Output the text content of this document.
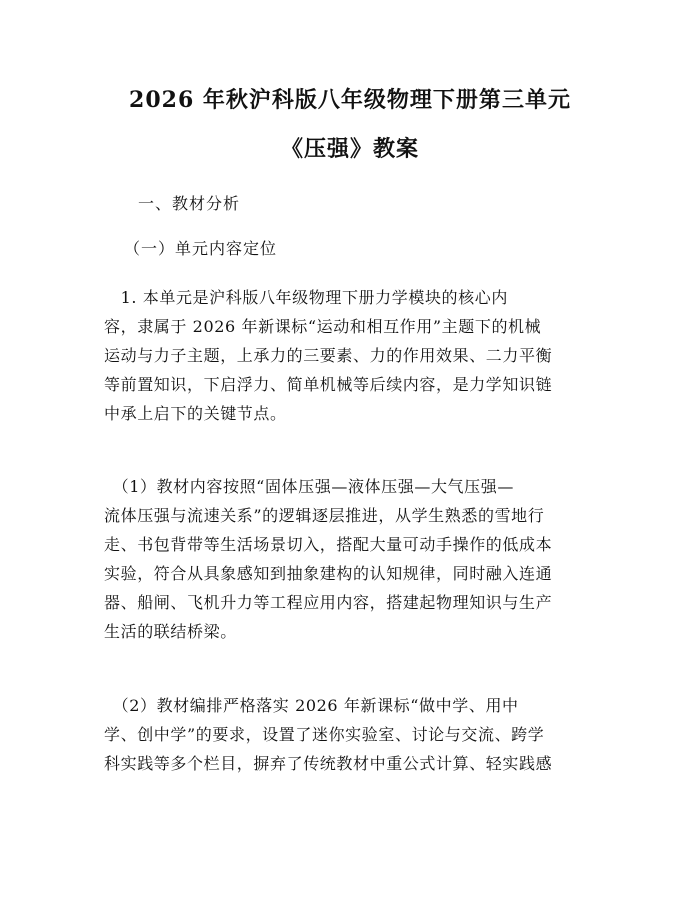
2026 年秋沪科版八年级物理下册第三单元
《压强》教案

一、教材分析

（一）单元内容定位

　1. 本单元是沪科版八年级物理下册力学模块的核心内
容，隶属于 2026 年新课标“运动和相互作用”主题下的机械
运动与力子主题，上承力的三要素、力的作用效果、二力平衡
等前置知识，下启浮力、简单机械等后续内容，是力学知识链
中承上启下的关键节点。
　（1）教材内容按照“固体压强—液体压强—大气压强—
流体压强与流速关系”的逻辑逐层推进，从学生熟悉的雪地行
走、书包背带等生活场景切入，搭配大量可动手操作的低成本
实验，符合从具象感知到抽象建构的认知规律，同时融入连通
器、船闸、飞机升力等工程应用内容，搭建起物理知识与生产
生活的联结桥梁。
　（2）教材编排严格落实 2026 年新课标“做中学、用中
学、创中学”的要求，设置了迷你实验室、讨论与交流、跨学
科实践等多个栏目，摒弃了传统教材中重公式计算、轻实践感
